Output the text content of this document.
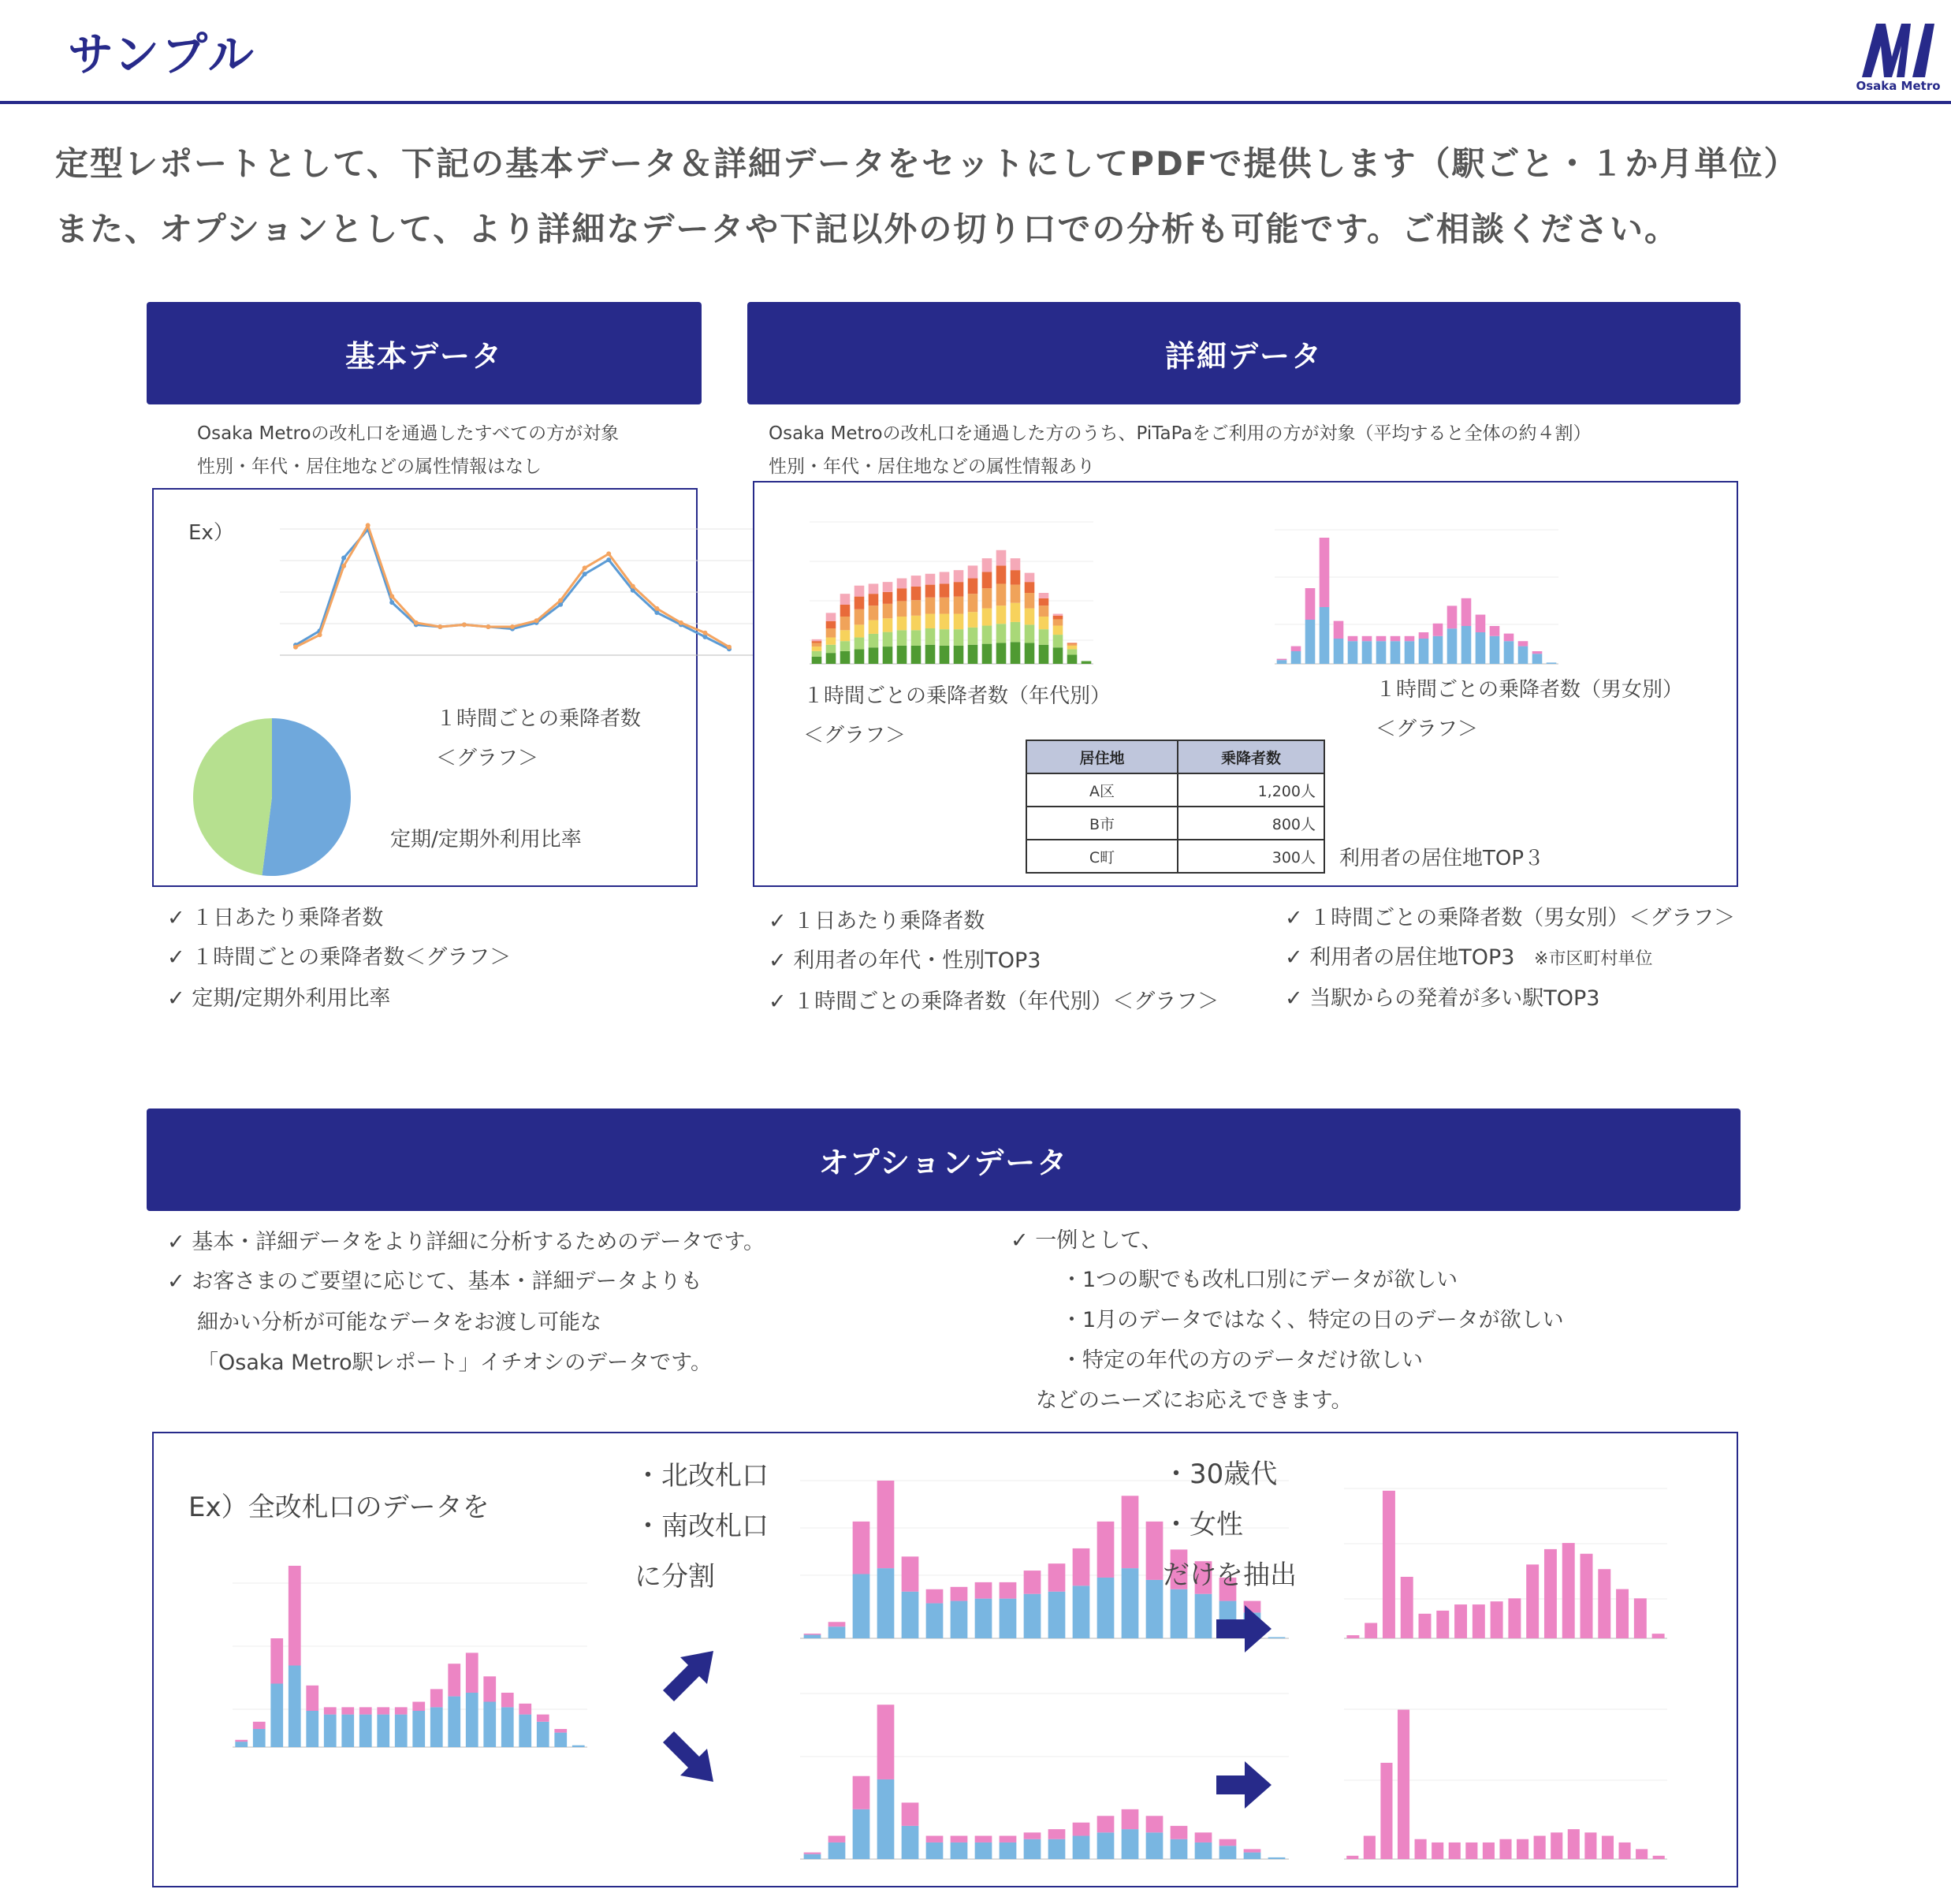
サンプル
Osaka Metro
定型レポートとして、下記の基本データ＆詳細データをセットにしてPDFで提供します（駅ごと・１か月単位）
また、オプションとして、より詳細なデータや下記以外の切り口での分析も可能です。ご相談ください。
基本データ
Osaka Metroの改札口を通過したすべての方が対象
性別・年代・居住地などの属性情報はなし
Ex）
１時間ごとの乗降者数
＜グラフ＞
定期/定期外利用比率
✓ １日あたり乗降者数
✓ １時間ごとの乗降者数＜グラフ＞
✓ 定期/定期外利用比率
詳細データ
Osaka Metroの改札口を通過した方のうち、PiTaPaをご利用の方が対象（平均すると全体の約４割）
性別・年代・居住地などの属性情報あり
１時間ごとの乗降者数（年代別）
＜グラフ＞
１時間ごとの乗降者数（男女別）
＜グラフ＞
居住地	乗降者数
A区	1,200人
B市	800人
C町	300人 利用者の居住地TOP３
✓ １日あたり乗降者数
✓ 利用者の年代・性別TOP3
✓ １時間ごとの乗降者数（年代別）＜グラフ＞
✓ １時間ごとの乗降者数（男女別）＜グラフ＞
✓ 利用者の居住地TOP3 ※市区町村単位
✓ 当駅からの発着が多い駅TOP3
オプションデータ
✓ 基本・詳細データをより詳細に分析するためのデータです。
✓ お客さまのご要望に応じて、基本・詳細データよりも
細かい分析が可能なデータをお渡し可能な
「Osaka Metro駅レポート」イチオシのデータです。
✓ 一例として、
・1つの駅でも改札口別にデータが欲しい
・1月のデータではなく、特定の日のデータが欲しい
・特定の年代の方のデータだけ欲しい
などのニーズにお応えできます。
Ex）全改札口のデータを
・北改札口
・南改札口
に分割
・30歳代
・女性
だけを抽出
